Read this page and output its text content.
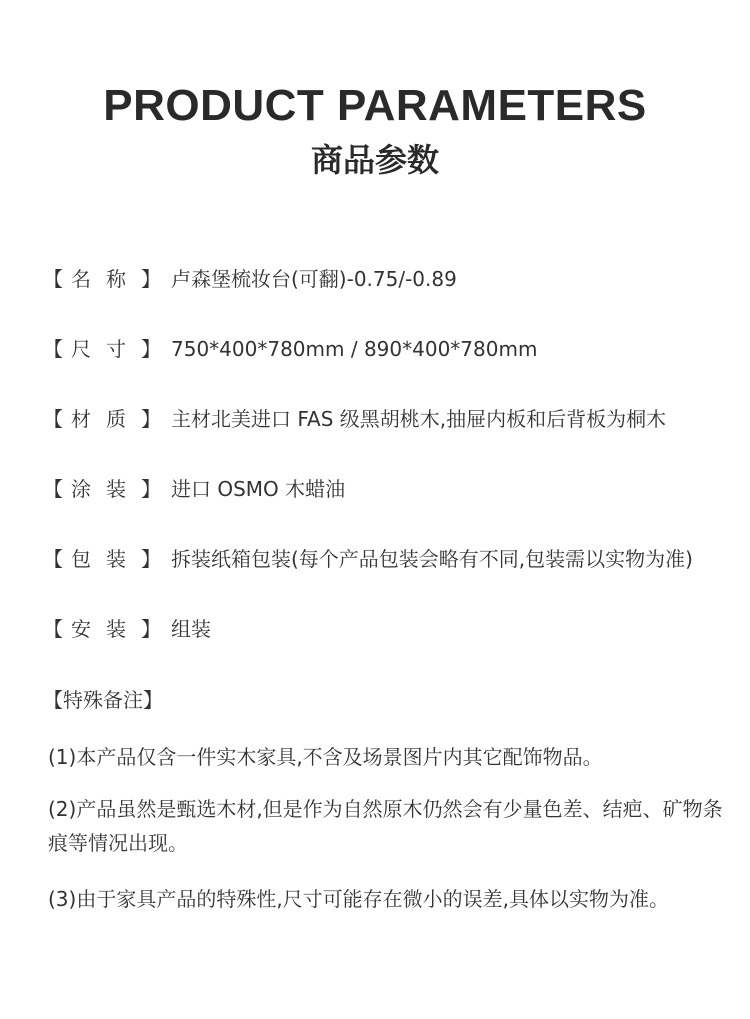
PRODUCT PARAMETERS
商品参数
【 名 称 】 卢森堡梳妆台(可翻)-0.75/-0.89
【 尺 寸 】 750*400*780mm / 890*400*780mm
【 材 质 】 主材北美进口 FAS 级黑胡桃木,抽屉内板和后背板为桐木
【 涂 装 】 进口 OSMO 木蜡油
【 包 装 】 拆装纸箱包装(每个产品包装会略有不同,包装需以实物为准)
【 安 装 】 组装
【特殊备注】
(1)本产品仅含一件实木家具,不含及场景图片内其它配饰物品。
(2)产品虽然是甄选木材,但是作为自然原木仍然会有少量色差、结疤、矿物条痕等情况出现。
(3)由于家具产品的特殊性,尺寸可能存在微小的误差,具体以实物为准。
